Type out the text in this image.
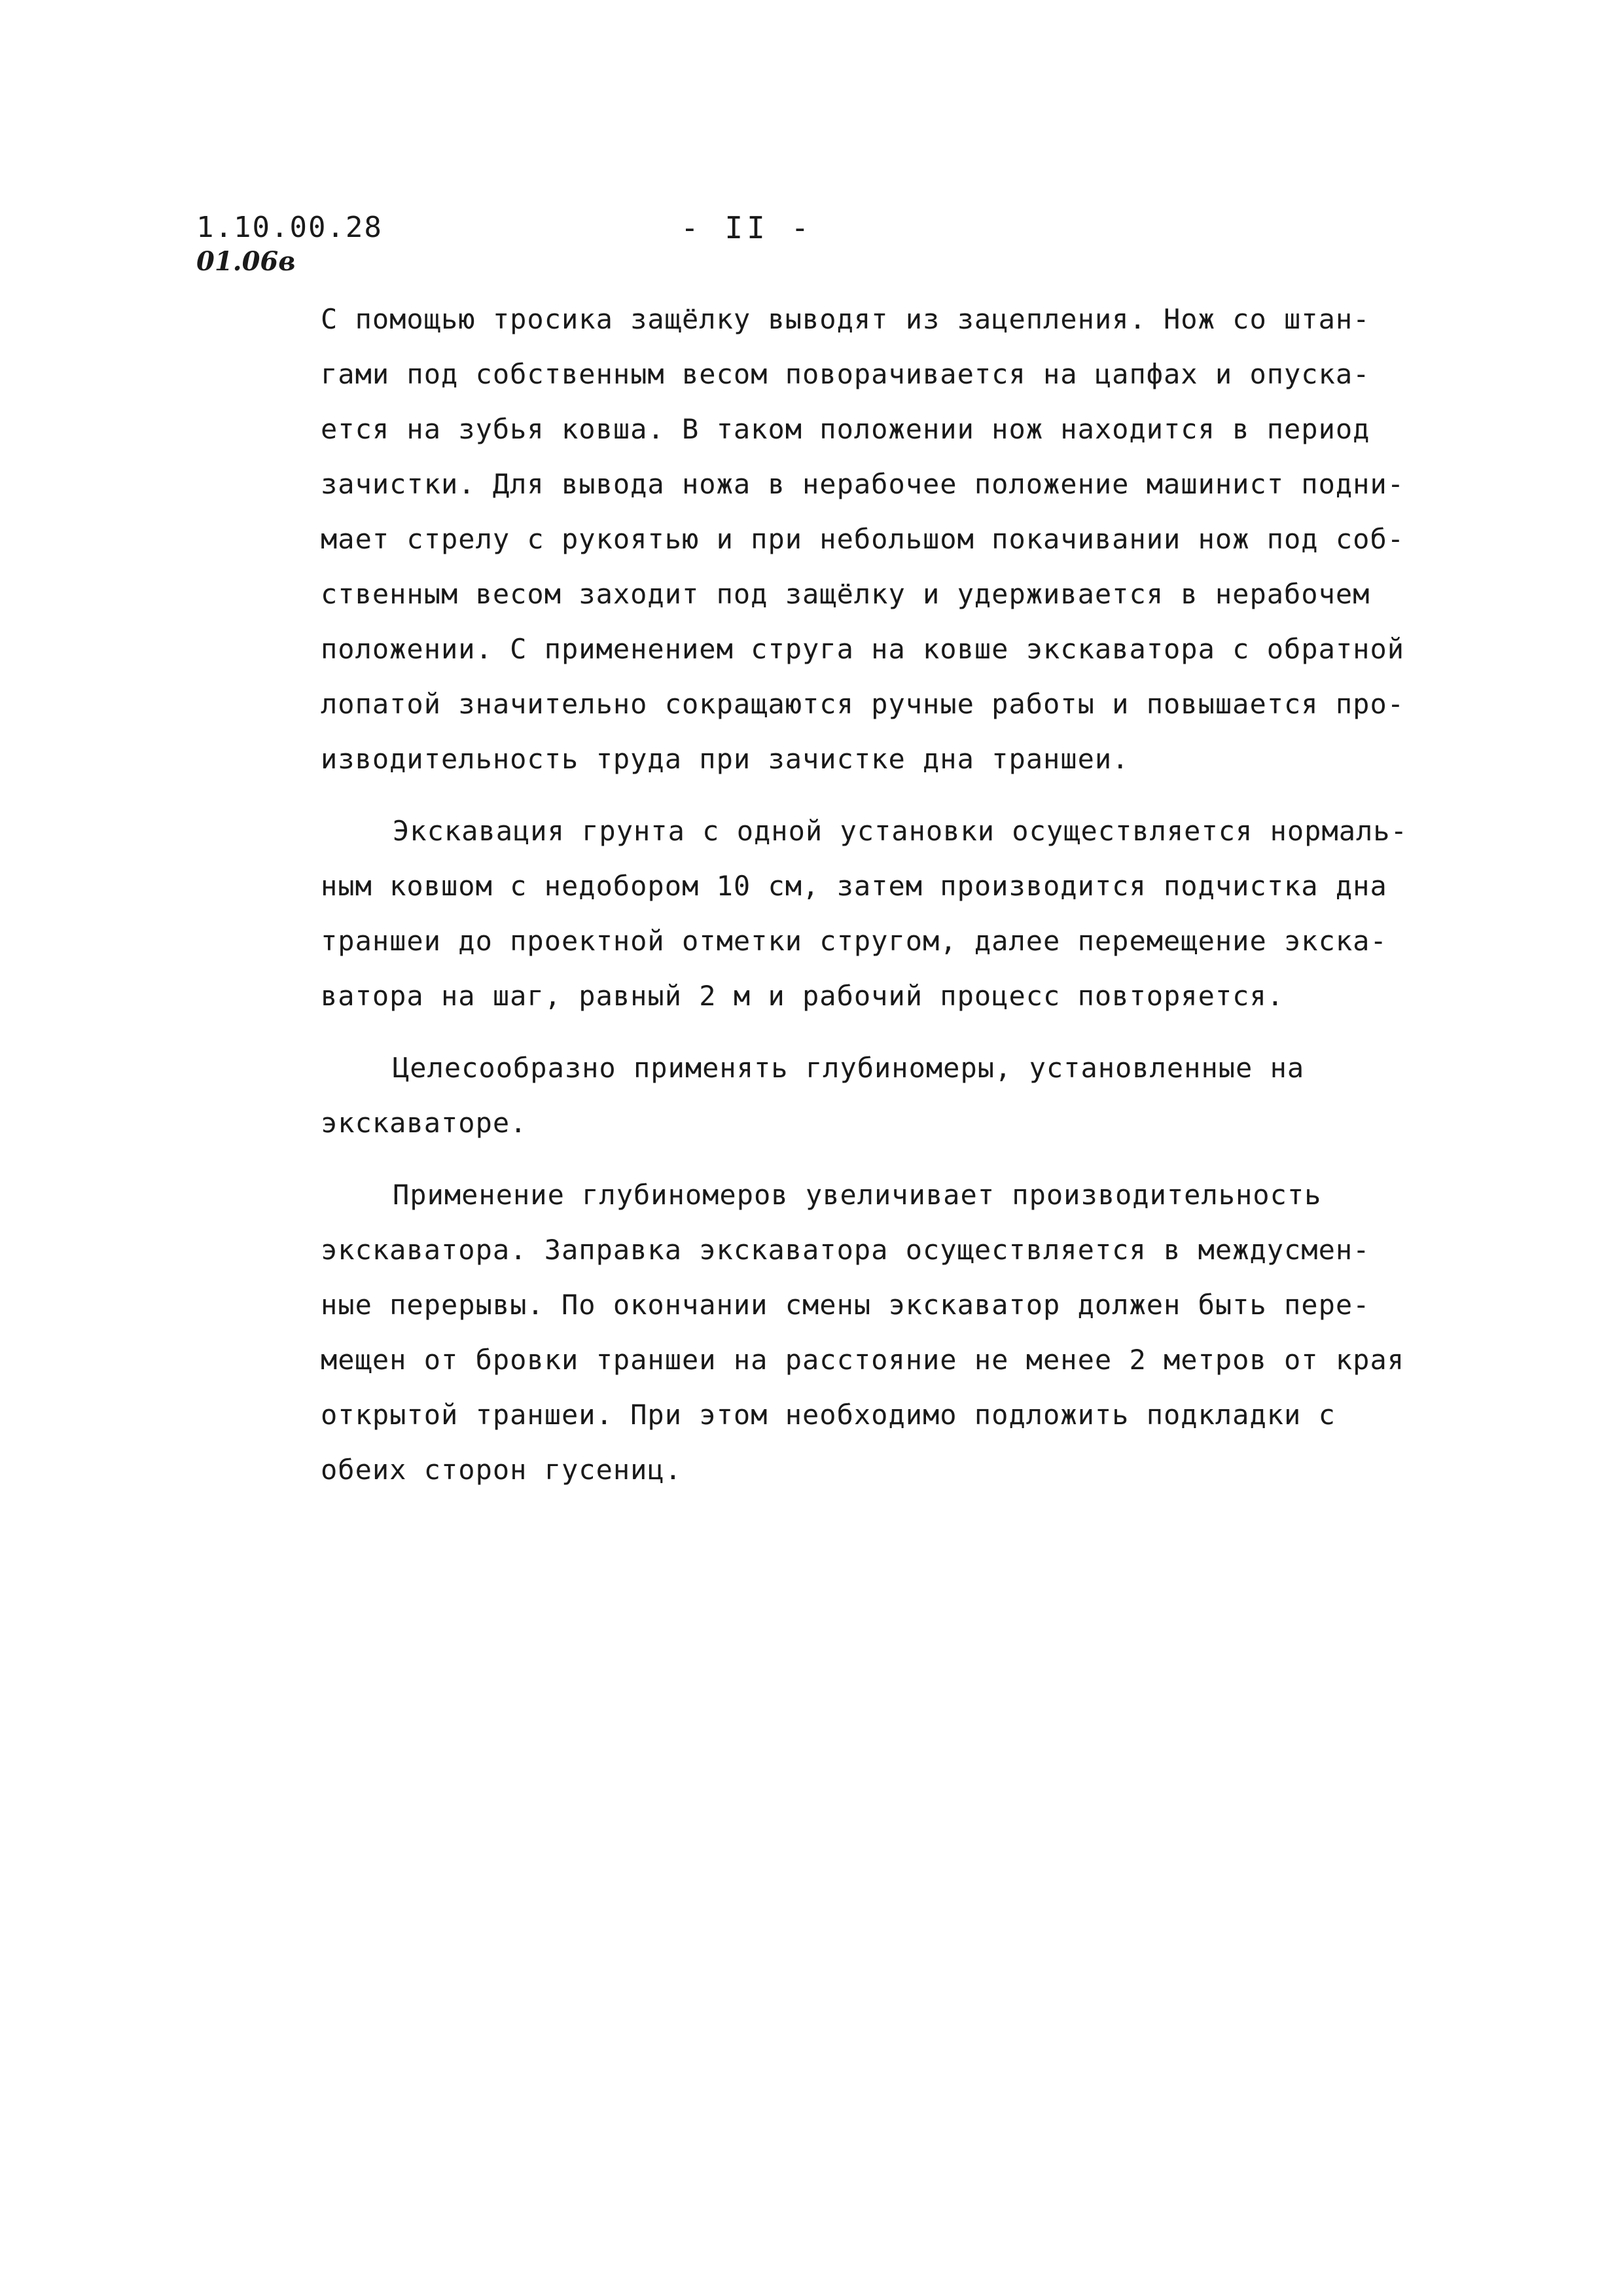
1.10.00.28
01.06в
- II -

С помощью тросика защёлку выводят из зацепления. Нож со штан-
гами под собственным весом поворачивается на цапфах и опуска-
ется на зубья ковша. В таком положении нож находится в период
зачистки. Для вывода ножа в нерабочее положение машинист подни-
мает стрелу с рукоятью и при небольшом покачивании нож под соб-
ственным весом заходит под защёлку и удерживается в нерабочем
положении. С применением струга на ковше экскаватора с обратной
лопатой значительно сокращаются ручные работы и повышается про-
изводительность труда при зачистке дна траншеи.

Экскавация грунта с одной установки осуществляется нормаль-
ным ковшом с недобором 10 см, затем производится подчистка дна
траншеи до проектной отметки стругом, далее перемещение экска-
ватора на шаг, равный 2 м и рабочий процесс повторяется.

Целесообразно применять глубиномеры, установленные на
экскаваторе.

Применение глубиномеров увеличивает производительность
экскаватора. Заправка экскаватора осуществляется в междусмен-
ные перерывы. По окончании смены экскаватор должен быть пере-
мещен от бровки траншеи на расстояние не менее 2 метров от края
открытой траншеи. При этом необходимо подложить подкладки с
обеих сторон гусениц.
